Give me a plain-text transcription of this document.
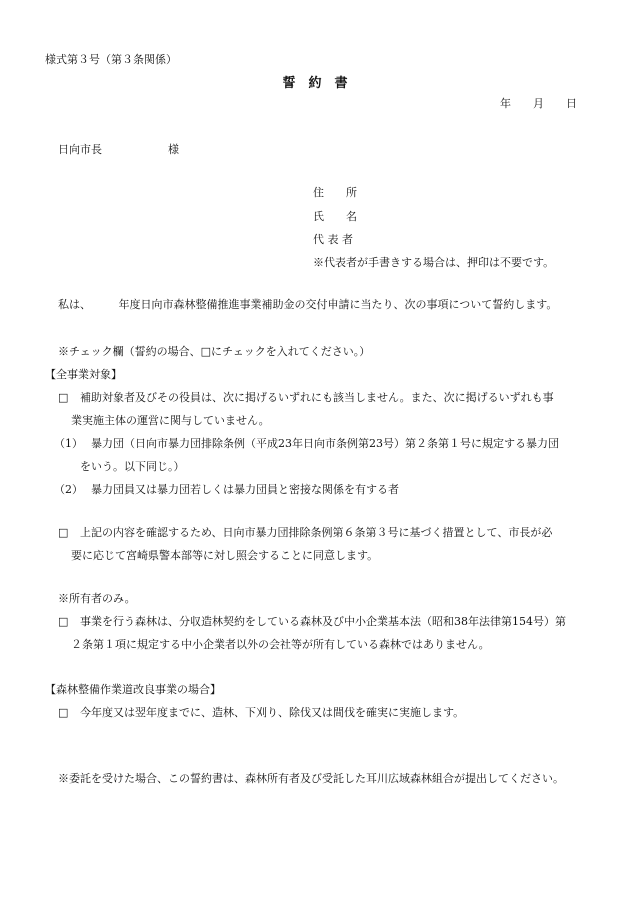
様式第３号（第３条関係）
誓　約　書
年　　月　　日
日向市長　　　　　　様
住　　所
氏　　名
代 表 者
※代表者が手書きする場合は、押印は不要です。
私は、　　　年度日向市森林整備推進事業補助金の交付申請に当たり、次の事項について誓約します。
※チェック欄（誓約の場合、□にチェックを入れてください。）
【全事業対象】
□ 補助対象者及びその役員は、次に掲げるいずれにも該当しません。また、次に掲げるいずれも事
業実施主体の運営に関与していません。
（1） 暴力団（日向市暴力団排除条例（平成23年日向市条例第23号）第２条第１号に規定する暴力団
をいう。以下同じ。）
（2） 暴力団員又は暴力団若しくは暴力団員と密接な関係を有する者
□ 上記の内容を確認するため、日向市暴力団排除条例第６条第３号に基づく措置として、市長が必
要に応じて宮崎県警本部等に対し照会することに同意します。
※所有者のみ。
□ 事業を行う森林は、分収造林契約をしている森林及び中小企業基本法（昭和38年法律第154号）第
２条第１項に規定する中小企業者以外の会社等が所有している森林ではありません。
【森林整備作業道改良事業の場合】
□ 今年度又は翌年度までに、造林、下刈り、除伐又は間伐を確実に実施します。
※委託を受けた場合、この誓約書は、森林所有者及び受託した耳川広域森林組合が提出してください。
